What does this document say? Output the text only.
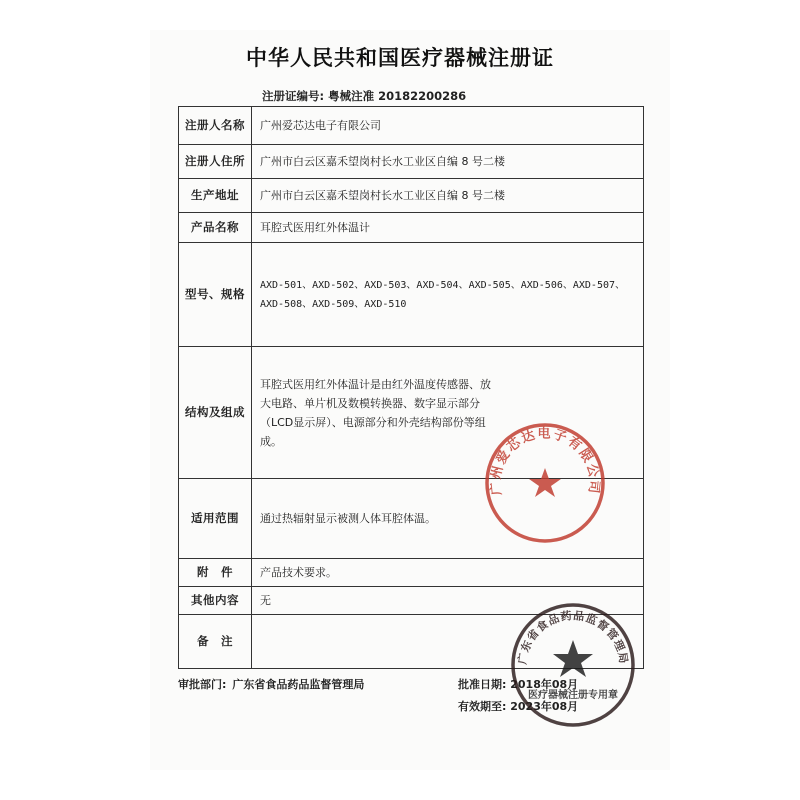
中华人民共和国医疗器械注册证
注册证编号: 粤械注准 20182200286
注册人名称	广州爱芯达电子有限公司
注册人住所	广州市白云区嘉禾望岗村长水工业区自编 8 号二楼
生产地址	广州市白云区嘉禾望岗村长水工业区自编 8 号二楼
产品名称	耳腔式医用红外体温计
型号、规格	AXD-501、AXD-502、AXD-503、AXD-504、AXD-505、AXD-506、AXD-507、AXD-508、AXD-509、AXD-510
结构及组成	耳腔式医用红外体温计是由红外温度传感器、放大电路、单片机及数模转换器、数字显示部分（LCD显示屏）、电源部分和外壳结构部份等组成。
适用范围	通过热辐射显示被测人体耳腔体温。
附　件	产品技术要求。
其他内容	无
备　注	
审批部门: 广东省食品药品监督管理局	批准日期: 2018年08月
有效期至: 2023年08月
广州爱芯达电子有限公司
广东省食品药品监督管理局
医疗器械注册专用章
